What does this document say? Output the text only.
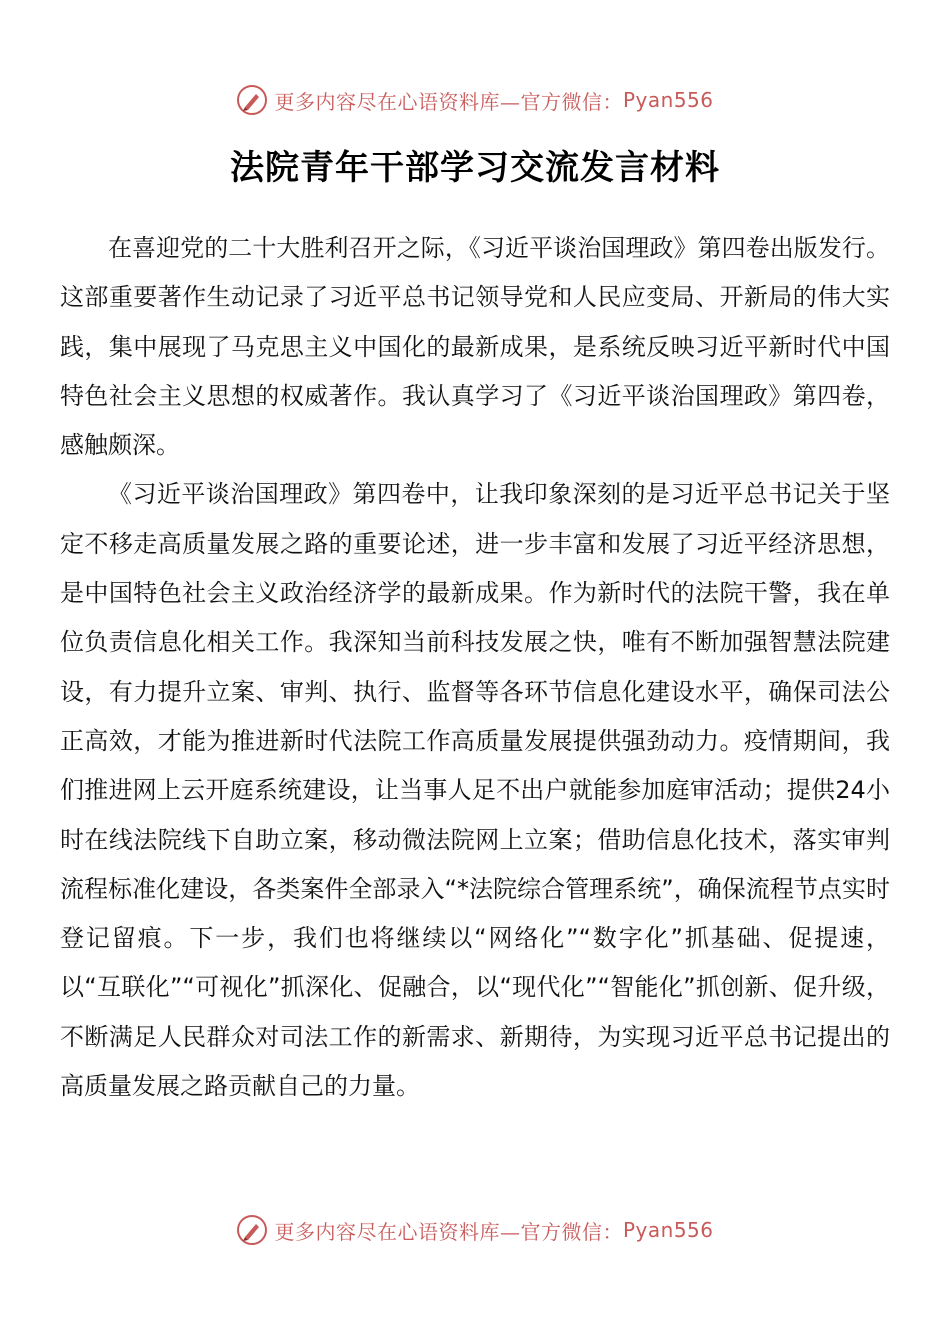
更多内容尽在心语资料库— 官方微信： Pyan556
法院青年干部学习交流发言材料

在喜迎党的二十大胜利召开之际，《习近平谈治国理政》第四卷出版发行。这部重要著作生动记录了习近平总书记领导党和人民应变局、开新局的伟大实践，集中展现了马克思主义中国化的最新成果，是系统反映习近平新时代中国特色社会主义思想的权威著作。我认真学习了《习近平谈治国理政》第四卷，感触颇深。

《习近平谈治国理政》第四卷中，让我印象深刻的是习近平总书记关于坚定不移走高质量发展之路的重要论述，进一步丰富和发展了习近平经济思想，是中国特色社会主义政治经济学的最新成果。作为新时代的法院干警，我在单位负责信息化相关工作。我深知当前科技发展之快，唯有不断加强智慧法院建设，有力提升立案、审判、执行、监督等各环节信息化建设水平，确保司法公正高效，才能为推进新时代法院工作高质量发展提供强劲动力。疫情期间，我们推进网上云开庭系统建设，让当事人足不出户就能参加庭审活动；提供24小时在线法院线下自助立案，移动微法院网上立案；借助信息化技术，落实审判流程标准化建设，各类案件全部录入“*法院综合管理系统”，确保流程节点实时登记留痕。下一步，我们也将继续以“网络化”“数字化”抓基础、促提速，以“互联化”“可视化”抓深化、促融合，以“现代化”“智能化”抓创新、促升级，不断满足人民群众对司法工作的新需求、新期待，为实现习近平总书记提出的高质量发展之路贡献自己的力量。

更多内容尽在心语资料库— 官方微信： Pyan556
